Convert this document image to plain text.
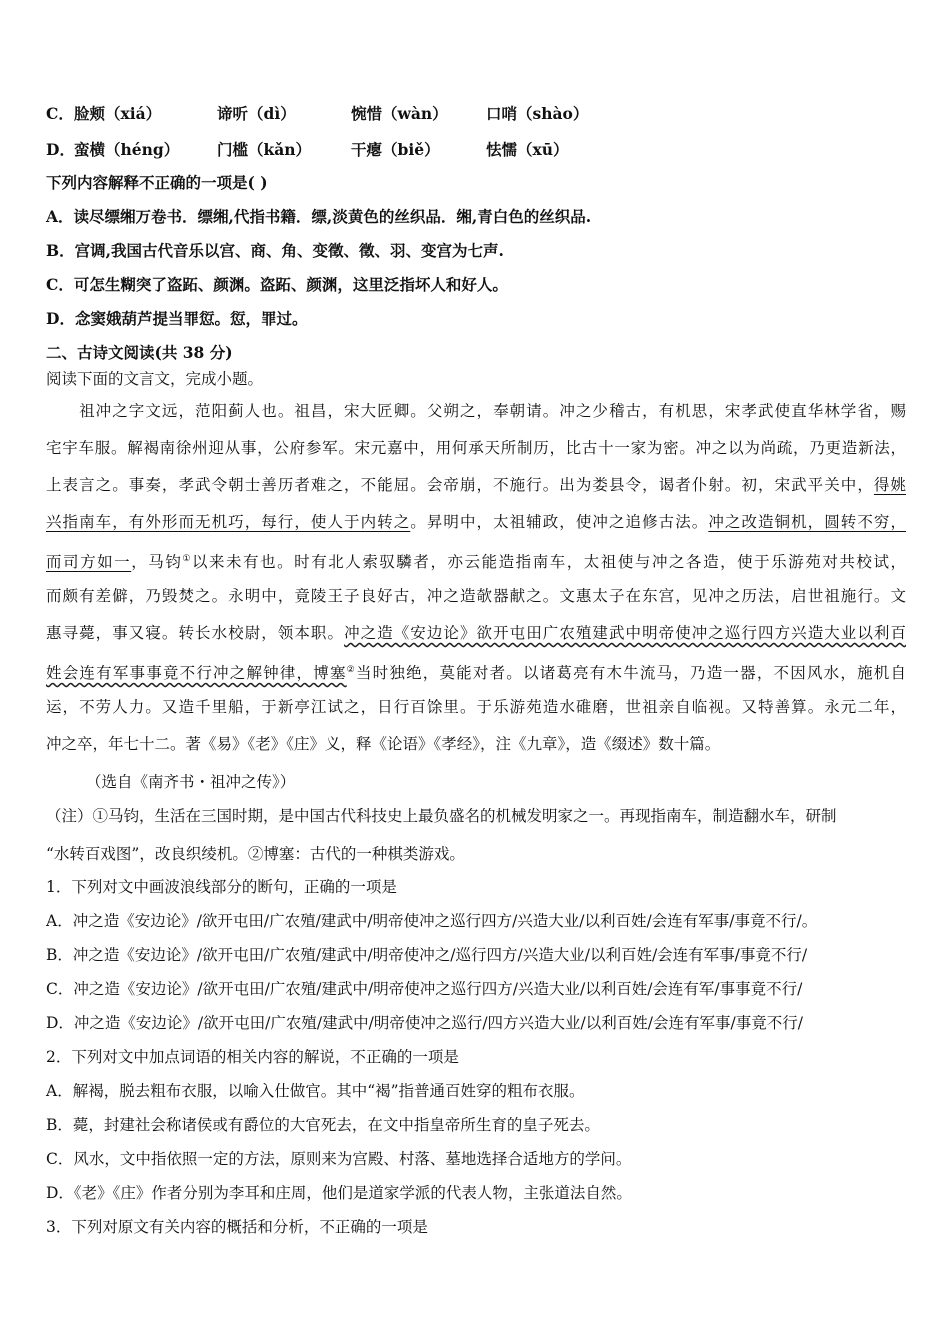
C． 脸颊（xiá）	谛听（dì）	惋惜（wàn） 口哨（shào）
D． 蛮横（héng） 门槛（kǎn）	干瘪（biě）	怯懦（xū）
下列内容解释不正确的一项是( )
A．读尽缥缃万卷书．缥缃,代指书籍．缥,淡黄色的丝织品．缃,青白色的丝织品.
B．宫调,我国古代音乐以宫、商、角、变徵、徵、羽、变宫为七声.
C．可怎生糊突了盗跖、颜渊。盗跖、颜渊，这里泛指坏人和好人。
D．念窦娥葫芦提当罪愆。愆，罪过。
二、古诗文阅读(共 38 分)
阅读下面的文言文，完成小题。
　　祖冲之字文远，范阳蓟人也。祖昌，宋大匠卿。父朔之，奉朝请。冲之少稽古，有机思，宋孝武使直华林学省，赐
宅宇车服。解褐南徐州迎从事，公府参军。宋元嘉中，用何承天所制历，比古十一家为密。冲之以为尚疏，乃更造新法，
上表言之。事奏，孝武令朝士善历者难之，不能屈。会帝崩，不施行。出为娄县令，谒者仆射。初，宋武平关中，得姚
兴指南车，有外形而无机巧，每行，使人于内转之。昇明中，太祖辅政，使冲之追修古法。冲之改造铜机，圆转不穷，
而司方如一，马钧①以来未有也。时有北人索驭驎者，亦云能造指南车，太祖使与冲之各造，使于乐游苑对共校试，
而颇有差僻，乃毁焚之。永明中，竟陵王子良好古，冲之造欹器献之。文惠太子在东宫，见冲之历法，启世祖施行。文
惠寻薨，事又寝。转长水校尉，领本职。冲之造《安边论》欲开屯田广农殖建武中明帝使冲之巡行四方兴造大业以利百
姓会连有军事事竟不行冲之解钟律，博塞②当时独绝，莫能对者。以诸葛亮有木牛流马，乃造一器，不因风水，施机自
运，不劳人力。又造千里船，于新亭江试之，日行百馀里。于乐游苑造水碓磨，世祖亲自临视。又特善算。永元二年，
冲之卒，年七十二。著《易》《老》《庄》义，释《论语》《孝经》，注《九章》，造《缀述》数十篇。
（选自《南齐书・祖冲之传》）
（注）①马钧，生活在三国时期，是中国古代科技史上最负盛名的机械发明家之一。再现指南车，制造翻水车，研制
“水转百戏图”，改良织绫机。②博塞：古代的一种棋类游戏。
1．下列对文中画波浪线部分的断句，正确的一项是
A．冲之造《安边论》/欲开屯田/广农殖/建武中/明帝使冲之巡行四方/兴造大业/以利百姓/会连有军事/事竟不行/。
B．冲之造《安边论》/欲开屯田/广农殖/建武中/明帝使冲之/巡行四方/兴造大业/以利百姓/会连有军事/事竟不行/
C．冲之造《安边论》/欲开屯田/广农殖/建武中/明帝使冲之巡行四方/兴造大业/以利百姓/会连有军/事事竟不行/
D．冲之造《安边论》/欲开屯田/广农殖/建武中/明帝使冲之巡行/四方兴造大业/以利百姓/会连有军事/事竟不行/
2．下列对文中加点词语的相关内容的解说，不正确的一项是
A．解褐，脱去粗布衣服，以喻入仕做官。其中“褐”指普通百姓穿的粗布衣服。
B．薨，封建社会称诸侯或有爵位的大官死去，在文中指皇帝所生育的皇子死去。
C．风水，文中指依照一定的方法，原则来为宫殿、村落、墓地选择合适地方的学问。
D．《老》《庄》作者分别为李耳和庄周，他们是道家学派的代表人物，主张道法自然。
3．下列对原文有关内容的概括和分析，不正确的一项是
